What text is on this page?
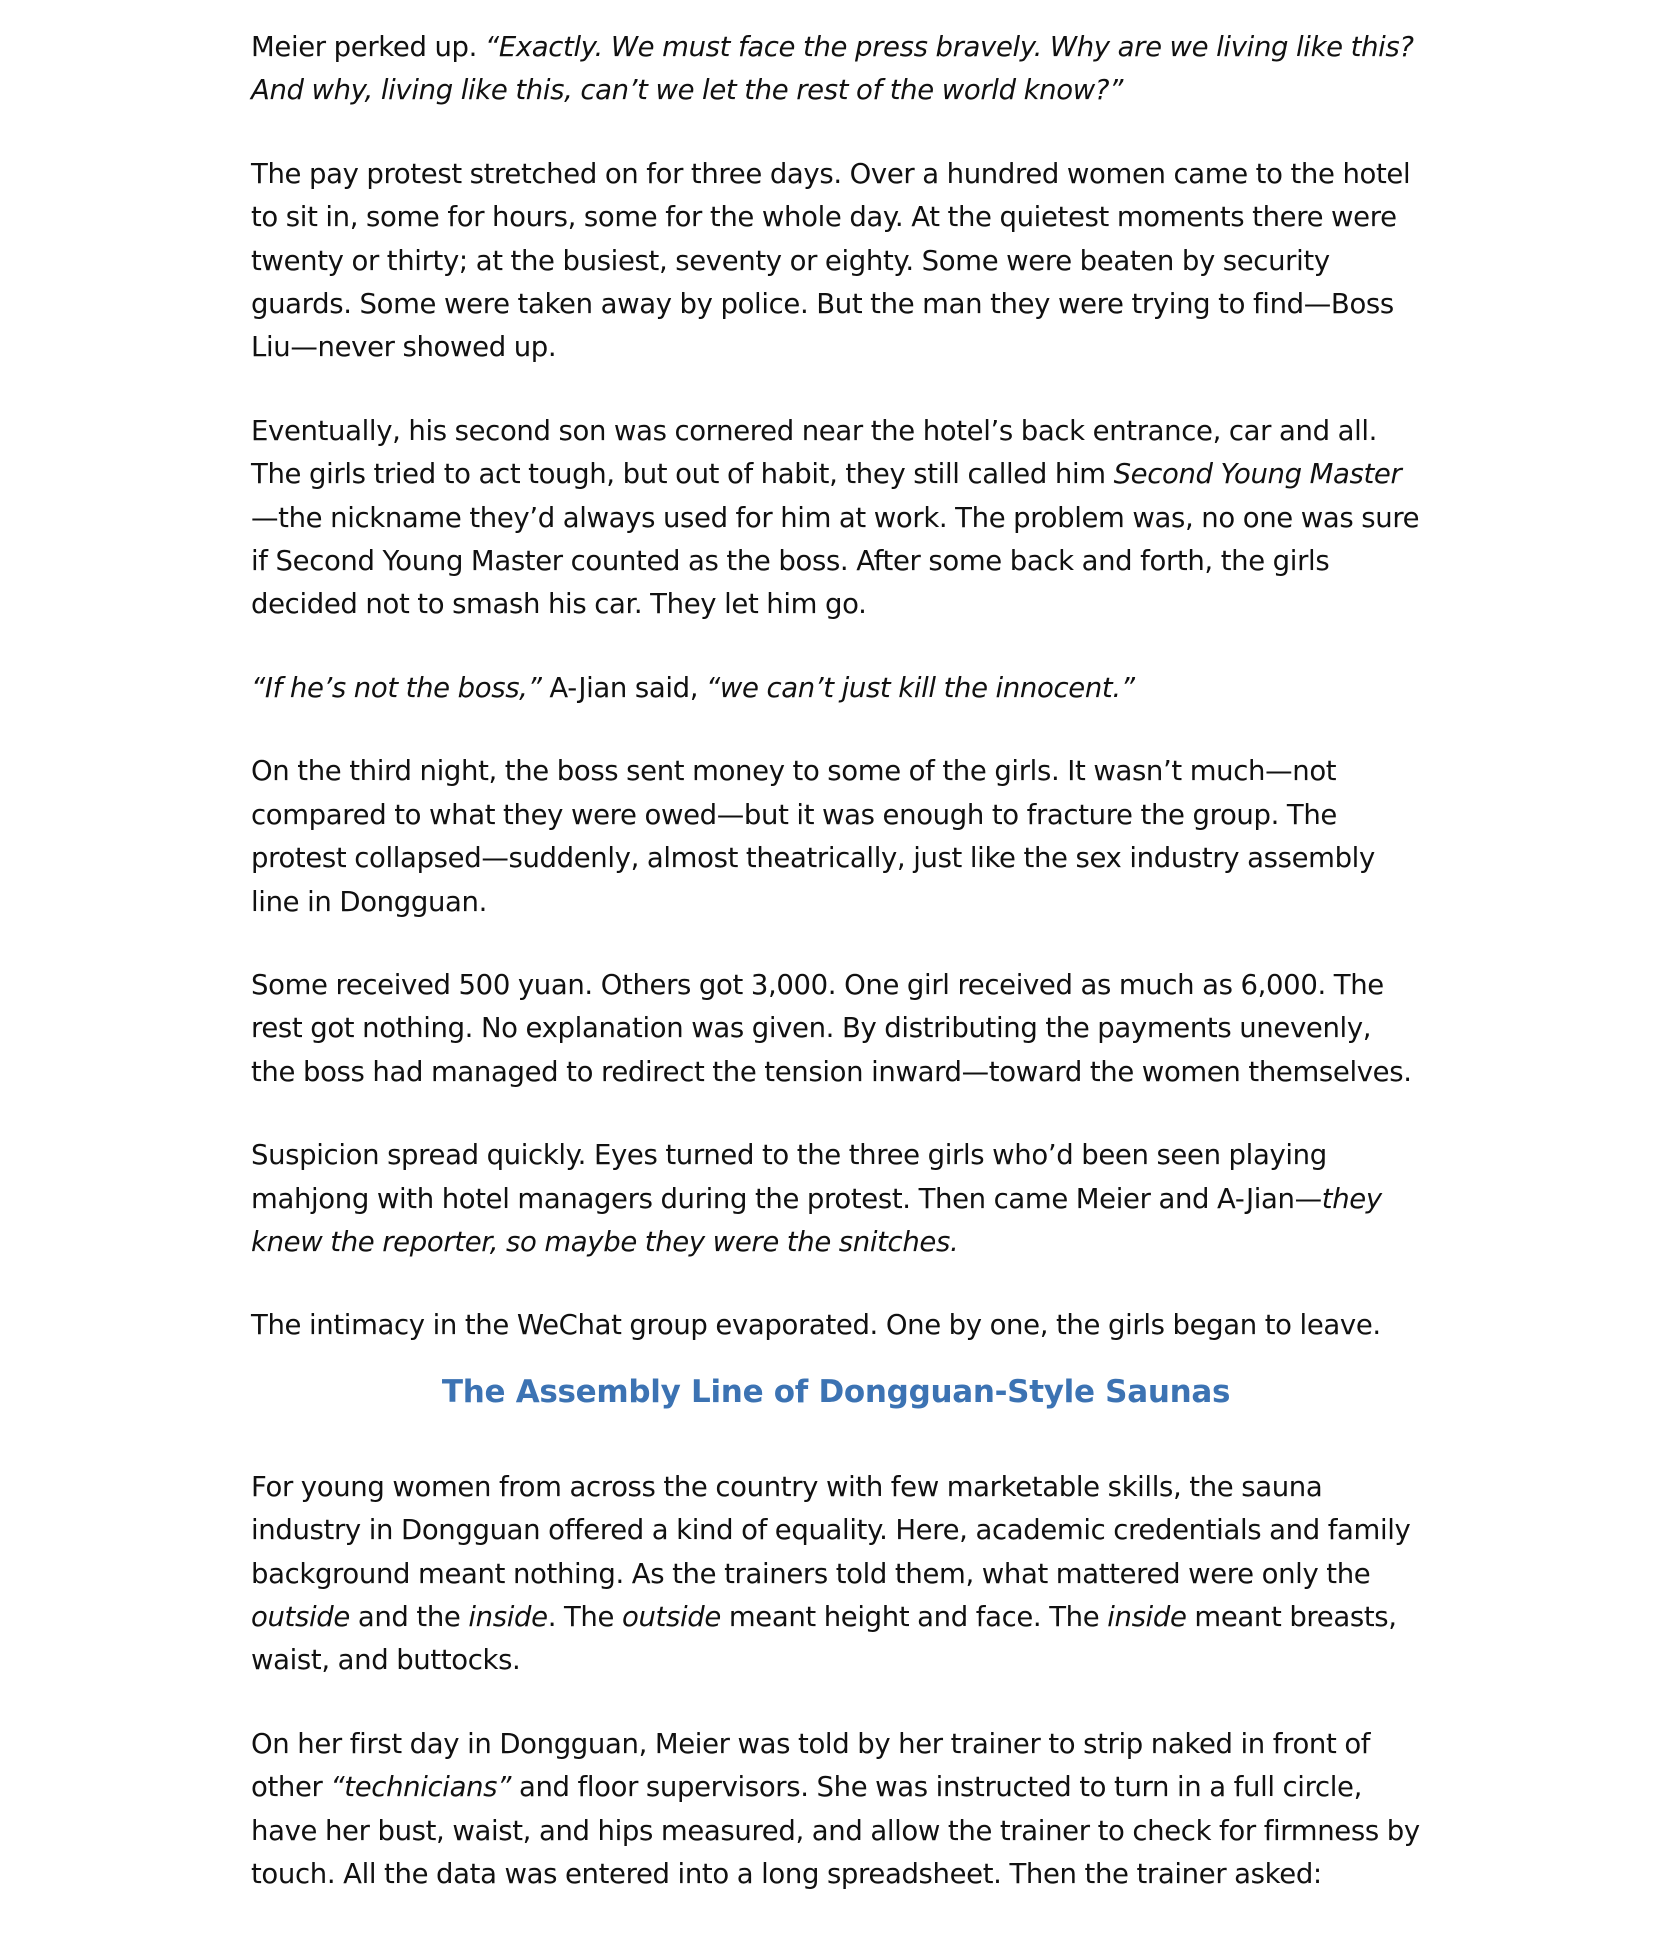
Meier perked up. “Exactly. We must face the press bravely. Why are we living like this? And why, living like this, can’t we let the rest of the world know?”

The pay protest stretched on for three days. Over a hundred women came to the hotel to sit in, some for hours, some for the whole day. At the quietest moments there were twenty or thirty; at the busiest, seventy or eighty. Some were beaten by security guards. Some were taken away by police. But the man they were trying to find—Boss Liu—never showed up.

Eventually, his second son was cornered near the hotel’s back entrance, car and all. The girls tried to act tough, but out of habit, they still called him Second Young Master—the nickname they’d always used for him at work. The problem was, no one was sure if Second Young Master counted as the boss. After some back and forth, the girls decided not to smash his car. They let him go.

“If he’s not the boss,” A-Jian said, “we can’t just kill the innocent.”

On the third night, the boss sent money to some of the girls. It wasn’t much—not compared to what they were owed—but it was enough to fracture the group. The protest collapsed—suddenly, almost theatrically, just like the sex industry assembly line in Dongguan.

Some received 500 yuan. Others got 3,000. One girl received as much as 6,000. The rest got nothing. No explanation was given. By distributing the payments unevenly, the boss had managed to redirect the tension inward—toward the women themselves.

Suspicion spread quickly. Eyes turned to the three girls who’d been seen playing mahjong with hotel managers during the protest. Then came Meier and A-Jian—they knew the reporter, so maybe they were the snitches.

The intimacy in the WeChat group evaporated. One by one, the girls began to leave.

The Assembly Line of Dongguan-Style Saunas

For young women from across the country with few marketable skills, the sauna industry in Dongguan offered a kind of equality. Here, academic credentials and family background meant nothing. As the trainers told them, what mattered were only the outside and the inside. The outside meant height and face. The inside meant breasts, waist, and buttocks.

On her first day in Dongguan, Meier was told by her trainer to strip naked in front of other “technicians” and floor supervisors. She was instructed to turn in a full circle, have her bust, waist, and hips measured, and allow the trainer to check for firmness by touch. All the data was entered into a long spreadsheet. Then the trainer asked:
